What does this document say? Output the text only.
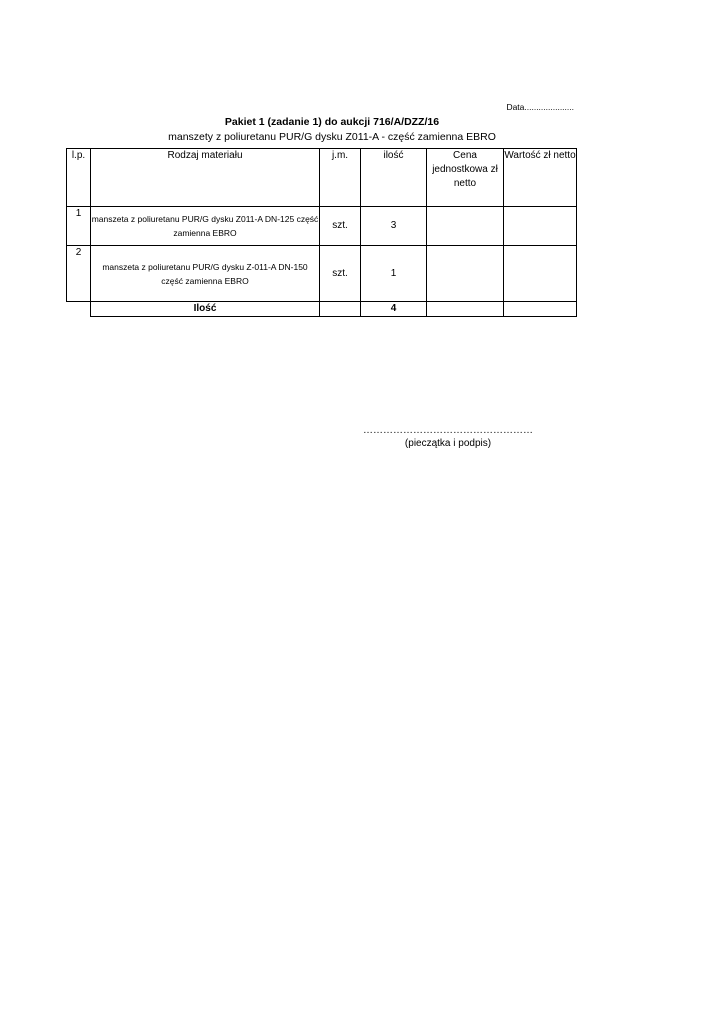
Data.....................
Pakiet 1 (zadanie 1) do aukcji 716/A/DZZ/16
manszety z poliuretanu PUR/G dysku Z011-A - część zamienna EBRO
l.p.	Rodzaj materiału	j.m.	ilość	Cena jednostkowa zł netto	Wartość zł netto
1	manszeta z poliuretanu PUR/G dysku Z011-A DN-125 część zamienna EBRO	szt.	3		
2	manszeta z poliuretanu PUR/G dysku Z-011-A DN-150 część zamienna EBRO	szt.	1		
	Ilość		4		
……………………………………………
(pieczątka i podpis)
